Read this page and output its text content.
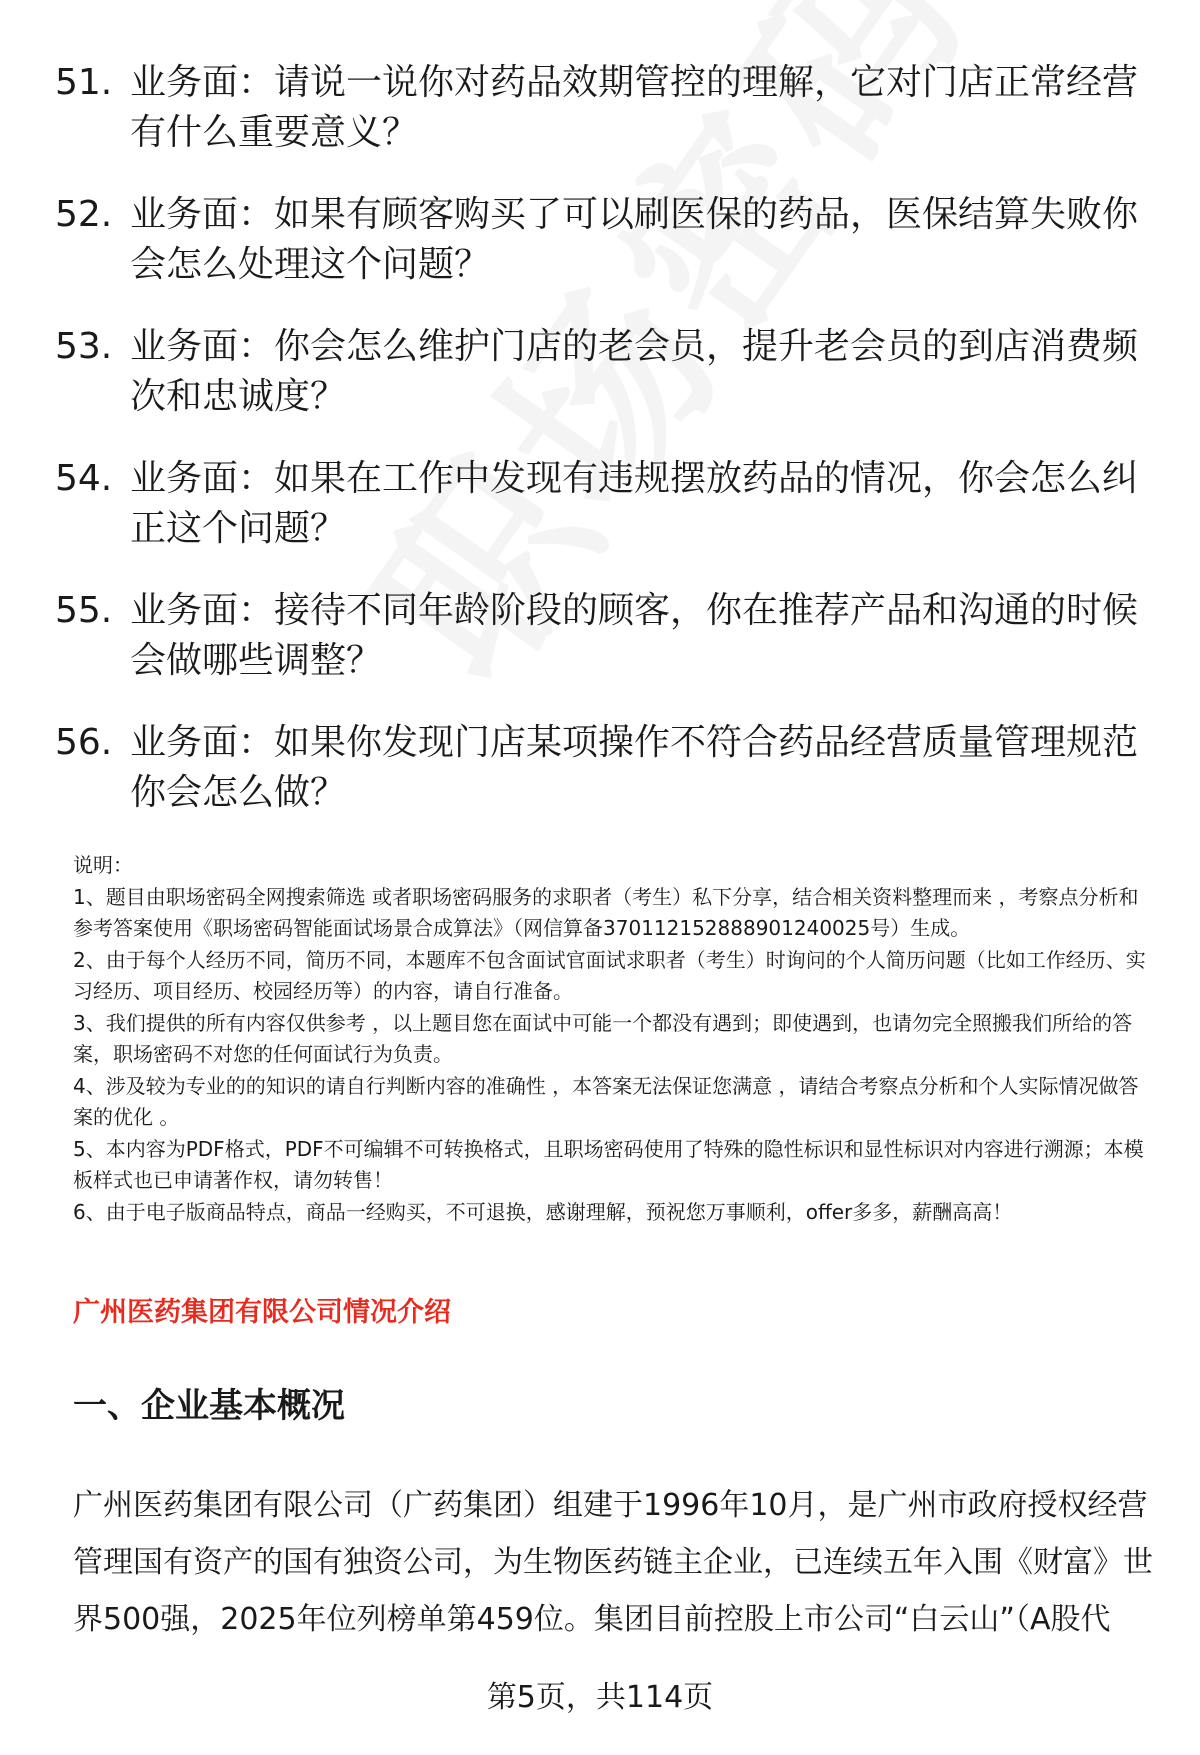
51. 业务面：请说一说你对药品效期管控的理解，它对门店正常经营有什么重要意义？
52. 业务面：如果有顾客购买了可以刷医保的药品，医保结算失败你会怎么处理这个问题？
53. 业务面：你会怎么维护门店的老会员，提升老会员的到店消费频次和忠诚度？
54. 业务面：如果在工作中发现有违规摆放药品的情况，你会怎么纠正这个问题？
55. 业务面：接待不同年龄阶段的顾客，你在推荐产品和沟通的时候会做哪些调整？
56. 业务面：如果你发现门店某项操作不符合药品经营质量管理规范你会怎么做？

说明：

1、题目由职场密码全网搜索筛选 或者职场密码服务的求职者（考生）私下分享，结合相关资料整理而来 ，考察点分析和参考答案使用《职场密码智能面试场景合成算法》（网信算备370112152888901240025号）生成。

2、由于每个人经历不同，简历不同，本题库不包含面试官面试求职者（考生）时询问的个人简历问题（比如工作经历、实习经历、项目经历、校园经历等）的内容，请自行准备。

3、我们提供的所有内容仅供参考 ，以上题目您在面试中可能一个都没有遇到；即使遇到，也请勿完全照搬我们所给的答案，职场密码不对您的任何面试行为负责。

4、涉及较为专业的的知识的请自行判断内容的准确性 ，本答案无法保证您满意 ，请结合考察点分析和个人实际情况做答案的优化 。

5、本内容为PDF格式，PDF不可编辑不可转换格式，且职场密码使用了特殊的隐性标识和显性标识对内容进行溯源；本模板样式也已申请著作权，请勿转售！

6、由于电子版商品特点，商品一经购买，不可退换，感谢理解，预祝您万事顺利，offer多多，薪酬高高！

广州医药集团有限公司情况介绍
一、企业基本概况
广州医药集团有限公司（广药集团）组建于1996年10月，是广州市政府授权经营管理国有资产的国有独资公司，为生物医药链主企业，已连续五年入围《财富》世界500强，2025年位列榜单第459位。集团目前控股上市公司“白云山”（A股代
第5页，共114页
